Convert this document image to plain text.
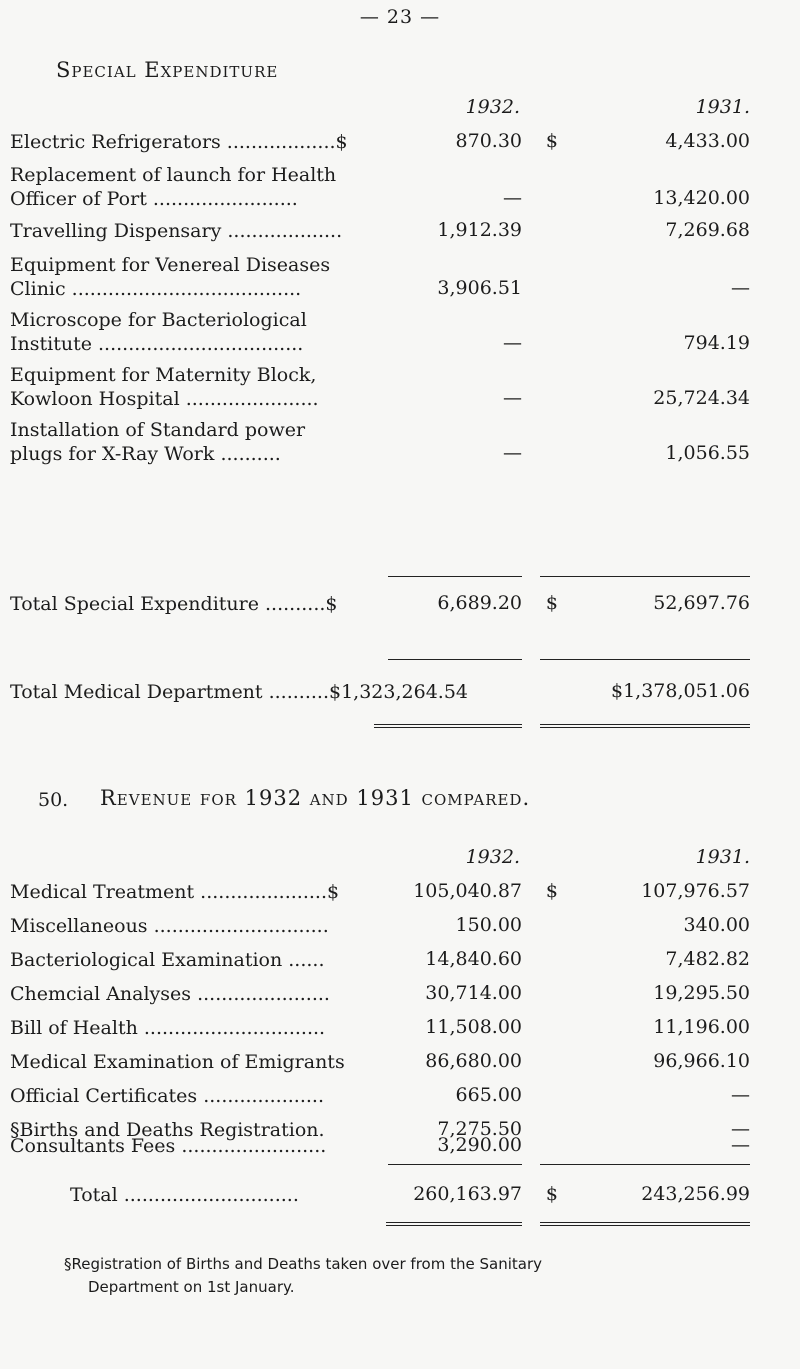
— 23 —
Special Expenditure
1932.	1931.
Electric Refrigerators ..................$	870.30	$	4,433.00
Replacement of launch for Health
Officer of Port ........................	—	13,420.00
Travelling Dispensary ...................	1,912.39	7,269.68
Equipment for Venereal Diseases
Clinic ......................................	3,906.51	—
Microscope for Bacteriological
Institute ..................................	—	794.19
Equipment for Maternity Block,
Kowloon Hospital ......................	—	25,724.34
Installation of Standard power
plugs for X-Ray Work ..........	—	1,056.55
Total Special Expenditure ..........$	6,689.20	$	52,697.76
Total Medical Department ..........$1,323,264.54	$1,378,051.06
50. Revenue for 1932 and 1931 compared.
1932.	1931.
Medical Treatment .....................$	105,040.87	$	107,976.57
Miscellaneous .............................	150.00	340.00
Bacteriological Examination ......	14,840.60	7,482.82
Chemcial Analyses ......................	30,714.00	19,295.50
Bill of Health ..............................	11,508.00	11,196.00
Medical Examination of Emigrants	86,680.00	96,966.10
Official Certificates ....................	665.00	—
§Births and Deaths Registration.	7,275.50	—
Consultants Fees ........................	3,290.00	—
Total .............................	260,163.97	$	243,256.99
§Registration of Births and Deaths taken over from the Sanitary
Department on 1st January.
